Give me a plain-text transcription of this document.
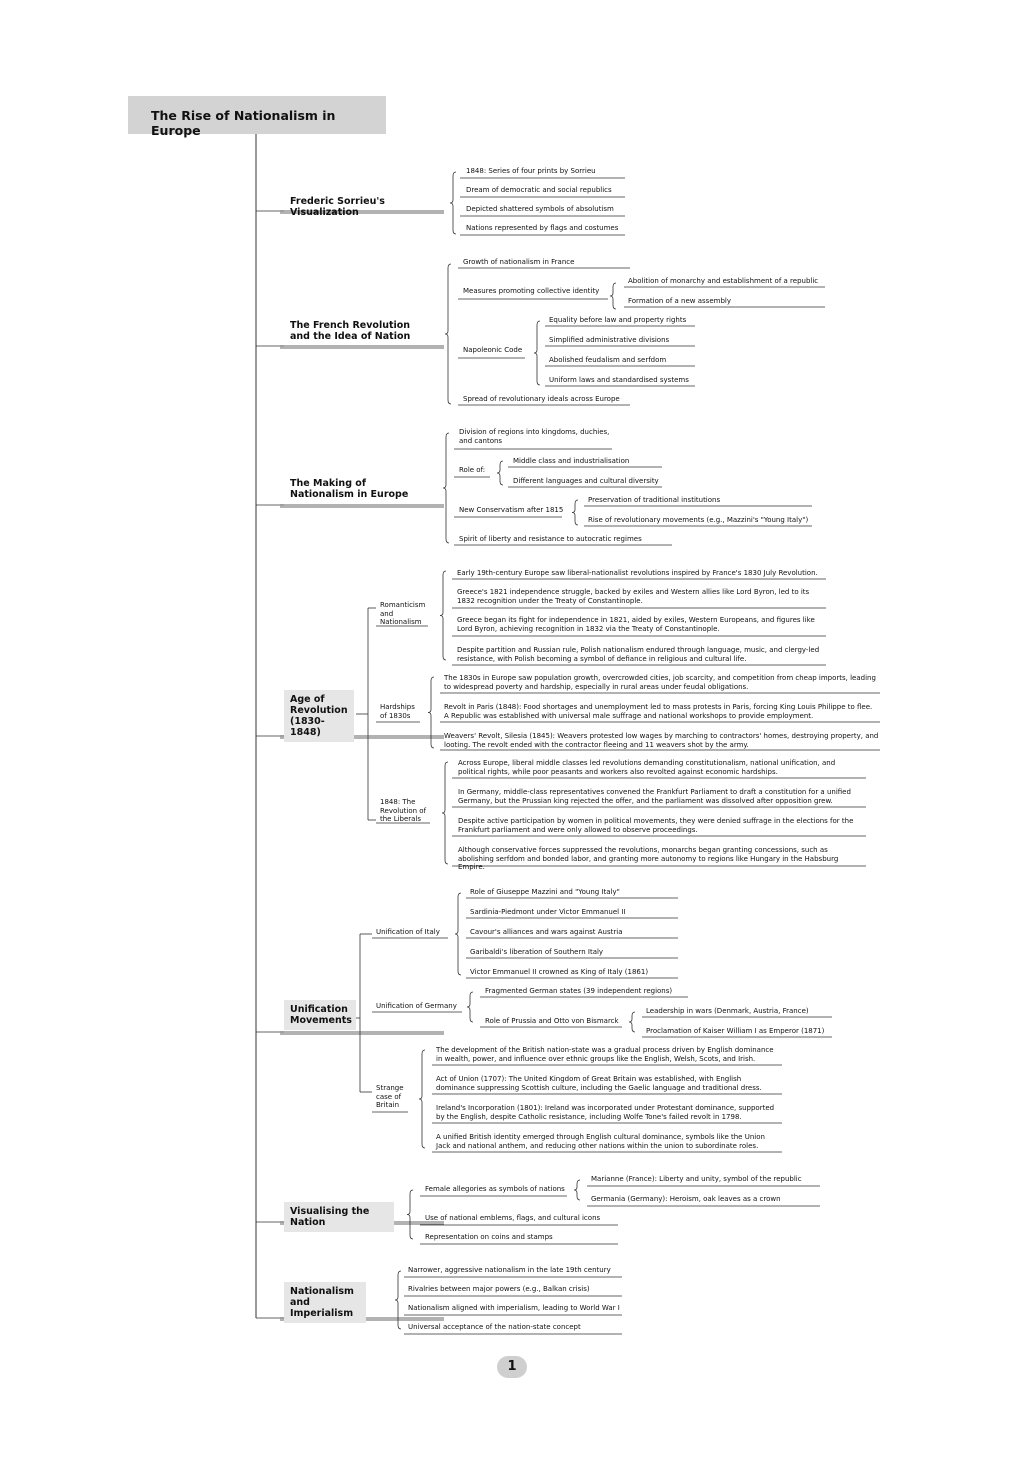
The Rise of Nationalism in Europe
Frederic Sorrieu's Visualization
1848: Series of four prints by Sorrieu
Dream of democratic and social republics
Depicted shattered symbols of absolutism
Nations represented by flags and costumes
The French Revolution and the Idea of Nation
Growth of nationalism in France
Measures promoting collective identity
Abolition of monarchy and establishment of a republic
Formation of a new assembly
Napoleonic Code
Equality before law and property rights
Simplified administrative divisions
Abolished feudalism and serfdom
Uniform laws and standardised systems
Spread of revolutionary ideals across Europe
The Making of Nationalism in Europe
Division of regions into kingdoms, duchies, and cantons
Role of:
Middle class and industrialisation
Different languages and cultural diversity
New Conservatism after 1815
Preservation of traditional institutions
Rise of revolutionary movements (e.g., Mazzini's "Young Italy")
Spirit of liberty and resistance to autocratic regimes
Age of Revolution (1830-1848)
Romanticism and Nationalism
Early 19th-century Europe saw liberal-nationalist revolutions inspired by France's 1830 July Revolution.
Greece's 1821 independence struggle, backed by exiles and Western allies like Lord Byron, led to its 1832 recognition under the Treaty of Constantinople.
Greece began its fight for independence in 1821, aided by exiles, Western Europeans, and figures like Lord Byron, achieving recognition in 1832 via the Treaty of Constantinople.
Despite partition and Russian rule, Polish nationalism endured through language, music, and clergy-led resistance, with Polish becoming a symbol of defiance in religious and cultural life.
Hardships of 1830s
The 1830s in Europe saw population growth, overcrowded cities, job scarcity, and competition from cheap imports, leading to widespread poverty and hardship, especially in rural areas under feudal obligations.
Revolt in Paris (1848): Food shortages and unemployment led to mass protests in Paris, forcing King Louis Philippe to flee. A Republic was established with universal male suffrage and national workshops to provide employment.
Weavers' Revolt, Silesia (1845): Weavers protested low wages by marching to contractors' homes, destroying property, and looting. The revolt ended with the contractor fleeing and 11 weavers shot by the army.
1848: The Revolution of the Liberals
Across Europe, liberal middle classes led revolutions demanding constitutionalism, national unification, and political rights, while poor peasants and workers also revolted against economic hardships.
In Germany, middle-class representatives convened the Frankfurt Parliament to draft a constitution for a unified Germany, but the Prussian king rejected the offer, and the parliament was dissolved after opposition grew.
Despite active participation by women in political movements, they were denied suffrage in the elections for the Frankfurt parliament and were only allowed to observe proceedings.
Although conservative forces suppressed the revolutions, monarchs began granting concessions, such as abolishing serfdom and bonded labor, and granting more autonomy to regions like Hungary in the Habsburg Empire.
Unification Movements
Unification of Italy
Role of Giuseppe Mazzini and "Young Italy"
Sardinia-Piedmont under Victor Emmanuel II
Cavour's alliances and wars against Austria
Garibaldi's liberation of Southern Italy
Victor Emmanuel II crowned as King of Italy (1861)
Unification of Germany
Fragmented German states (39 independent regions)
Role of Prussia and Otto von Bismarck
Leadership in wars (Denmark, Austria, France)
Proclamation of Kaiser William I as Emperor (1871)
Strange case of Britain
The development of the British nation-state was a gradual process driven by English dominance in wealth, power, and influence over ethnic groups like the English, Welsh, Scots, and Irish.
Act of Union (1707): The United Kingdom of Great Britain was established, with English dominance suppressing Scottish culture, including the Gaelic language and traditional dress.
Ireland's Incorporation (1801): Ireland was incorporated under Protestant dominance, supported by the English, despite Catholic resistance, including Wolfe Tone's failed revolt in 1798.
A unified British identity emerged through English cultural dominance, symbols like the Union Jack and national anthem, and reducing other nations within the union to subordinate roles.
Visualising the Nation
Female allegories as symbols of nations
Marianne (France): Liberty and unity, symbol of the republic
Germania (Germany): Heroism, oak leaves as a crown
Use of national emblems, flags, and cultural icons
Representation on coins and stamps
Nationalism and Imperialism
Narrower, aggressive nationalism in the late 19th century
Rivalries between major powers (e.g., Balkan crisis)
Nationalism aligned with imperialism, leading to World War I
Universal acceptance of the nation-state concept
1
